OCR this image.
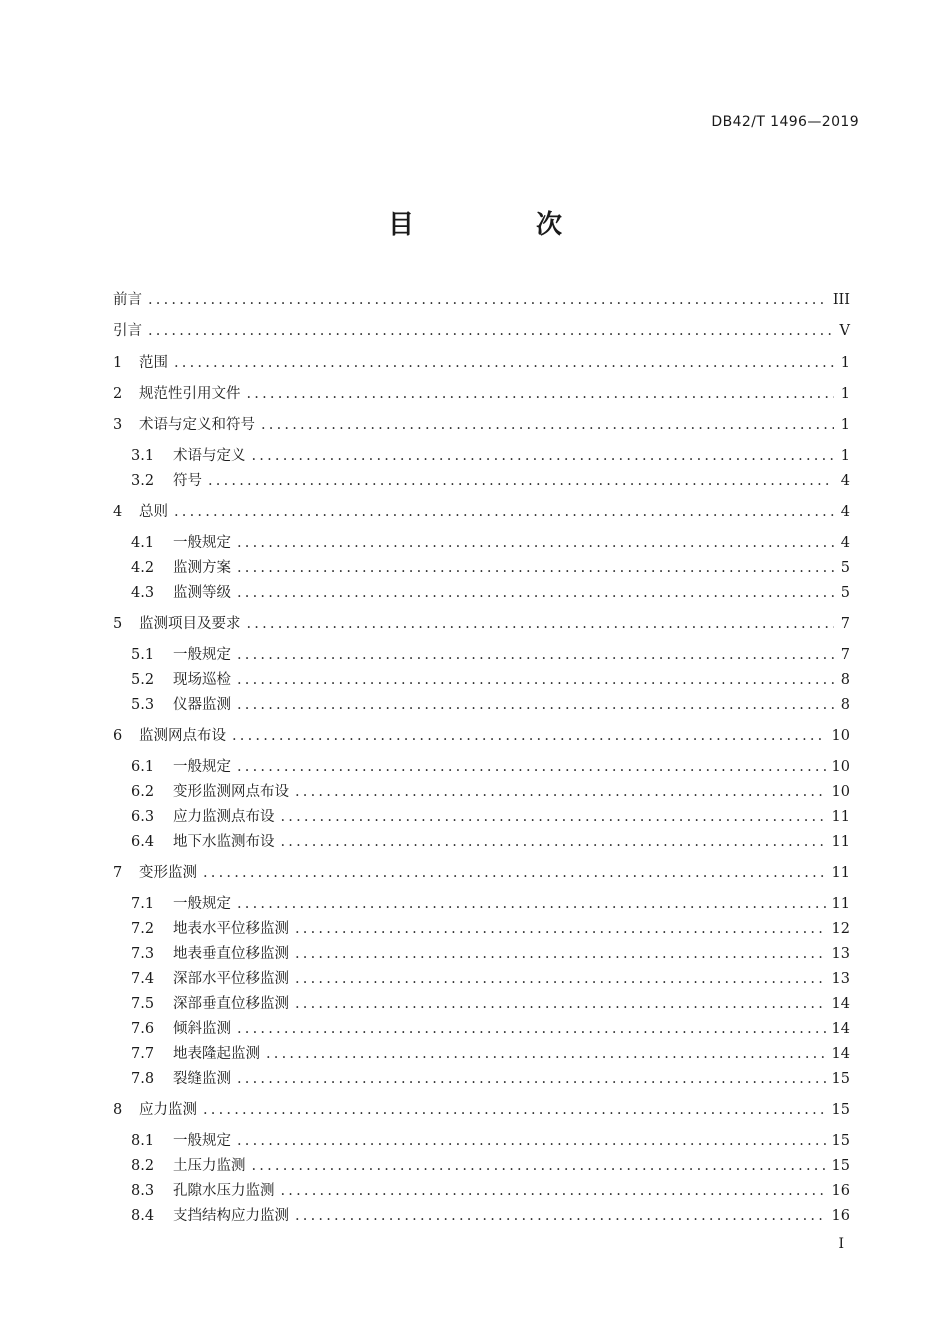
DB42/T 1496—2019
目　次
前言 .....	III
引言 .....	V
1	范围 .....	1
2	规范性引用文件 .....	1
3	术语与定义和符号 .....	1
3.1	术语与定义 .....	1
3.2	符号 .....	4
4	总则 .....	4
4.1	一般规定 .....	4
4.2	监测方案 .....	5
4.3	监测等级 .....	5
5	监测项目及要求 .....	7
5.1	一般规定 .....	7
5.2	现场巡检 .....	8
5.3	仪器监测 .....	8
6	监测网点布设 .....	10
6.1	一般规定 .....	10
6.2	变形监测网点布设 .....	10
6.3	应力监测点布设 .....	11
6.4	地下水监测布设 .....	11
7	变形监测 .....	11
7.1	一般规定 .....	11
7.2	地表水平位移监测 .....	12
7.3	地表垂直位移监测 .....	13
7.4	深部水平位移监测 .....	13
7.5	深部垂直位移监测 .....	14
7.6	倾斜监测 .....	14
7.7	地表隆起监测 .....	14
7.8	裂缝监测 .....	15
8	应力监测 .....	15
8.1	一般规定 .....	15
8.2	土压力监测 .....	15
8.3	孔隙水压力监测 .....	16
8.4	支挡结构应力监测 .....	16
I
